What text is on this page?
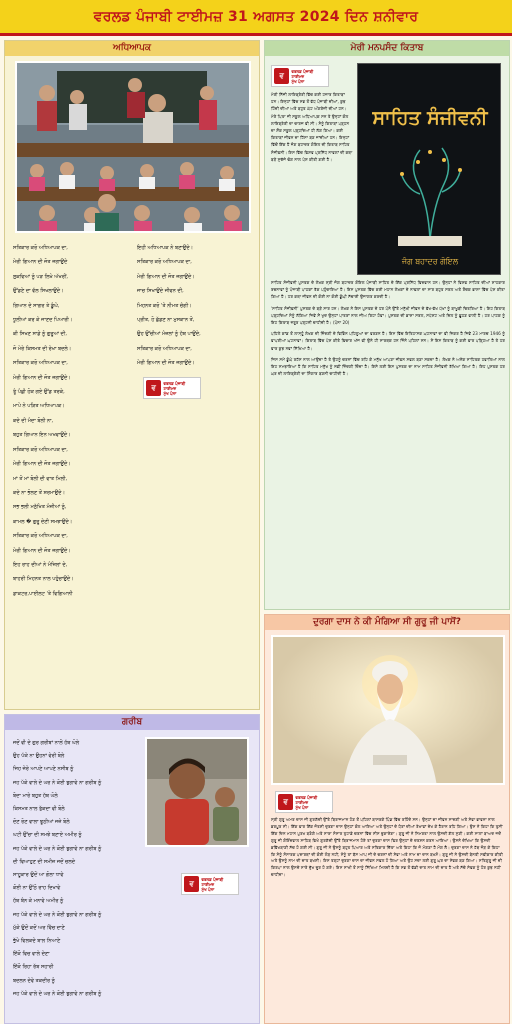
ਵਰਲਡ ਪੰਜਾਬੀ ਟਾਈਮਜ਼ 31 ਅਗਸਤ 2024 ਦਿਨ ਸ਼ਨੀਵਾਰ
ਅਧਿਆਪਕ
ਸਤਿਕਾਰ ਕਰੋ ਅਧਿਆਪਕ ਦਾ,
ਮੇਰੀ ਗਿਆਨ ਦੀ ਜੋਤ ਜਗਾਉਂਦੇ
ਲੁਕਵਿਆਂ ਨੂੰ ਪੜ ਲਿਖੇ ਅੱਖਰੀਂ,
ਉੱਡਣੇ ਦਾ ਵੱਲ ਸਿਖਲਾਉਂਦੇ।
ਗਿਆਨ ਦੇ ਸਾਗਰ ਤੇ ਡੂੰਘੇ,
ਧੂਲੀਆਂ ਕਰ ਕੇ ਜਾਣਦ ਪਿਆਰੀ।
ਕੀ ਸਿਖਣ ਸਾਡੇ ਨੂੰ ਗੁਰੂਆਂ ਦੀ,
ਜੋ ਮੇਰੇ ਕਿਸਮਤ ਦੀ ਰੇਖਾ ਬਦਲੇ।
ਸਤਿਕਾਰ ਕਰੋ ਅਧਿਆਪਕ ਦਾ,
ਮੇਰੀ ਗਿਆਨ ਦੀ ਜੋਤ ਜਗਾਉਂਦੇ।
ਤੂੰ ਪੰਛੀ ਹੋਕ ਗਏ ਉੱਡ ਤਰਕੇ,
ਮਾਪੇ ਨੇ ਪੜਿਤ ਅਧਿਆਪਕ।
ਕਦੇ ਦੀ ਮੰਦਾ ਬੋਲੀ ਨਾ,
ਬਹੁਤ ਗਿਆਨ ਇਨ ਅਖਵਾਉਂਦੇ।
ਸਤਿਕਾਰ ਕਰੋ ਅਧਿਆਪਕ ਦਾ,
ਮੇਰੀ ਗਿਆਨ ਦੀ ਜੋਤ ਜਗਾਉਂਦੇ।
ਮਾਂ ਤੋਂ ਮਾਂ ਬੋਲੀ ਦੀ ਵਾਤ ਮਿਲੀ,
ਕਦੇ ਨਾ ਭੋਲਣ ਤੋਂ ਸ਼ਰਮਾਉਂਦੇ।
ਸਭ ਭਲੀ ਮਨੁੱਖਿਤ ਮੰਜ਼ੀਆਂ ਨੂੰ,
ਕਾਮਲ � ਗੁਰੂ ਦੇਣੀ ਸਮਝਾਉਂਦੇ।
ਸਤਿਕਾਰ ਕਰੋ ਅਧਿਆਪਕ ਦਾ,
ਮੇਰੀ ਗਿਆਨ ਦੀ ਜੋਤ ਜਗਾਉਂਦੇ।
ਇਹ ਰਾਹ ਦੀਆਂ ਨੇ ਮੰਜ਼ਿਲਾਂ ਦੇ,
ਬਾਹਰੀ ਮਿਹਨਤ ਨਾਲ ਪਹੁੰਚਾਉਂਦੇ।
ਡਾਕਟਰ,ਪਾਈਲਟ 'ਤੇ ਵਿਗਿਆਨੀ
ਇਹੀ ਅਧਿਆਪਕ ਨੇ ਬਣਾਉਂਦੇ।
ਸਤਿਕਾਰ ਕਰੋ ਅਧਿਆਪਕ ਦਾ,
ਮੇਰੀ ਗਿਆਨ ਦੀ ਜੋਤ ਜਗਾਉਂਦੇ।
ਜਾਚ ਸਿਖਾਉਂਦੇ ਜੀਵਨ ਦੀ,
ਮਿਹਨਤ ਕਰੋ 'ਤੇ ਨੀਮਤ ਚੰਗੀ।
ਪ੍ਰੀਤ, ਹੋ ਛੱਡਣ ਨਾ ਮੁਸਕਾਨ ਤੋਂ,
ਉਹ ਉੱਚੀਆਂ ਮੰਜ਼ਲਾਂ ਨੂੰ ਹੱਥ ਪਾਉਂਦੇ,
ਸਤਿਕਾਰ ਕਰੋ ਅਧਿਆਪਕ ਦਾ,
ਮੇਰੀ ਗਿਆਨ ਦੀ ਜੋਤ ਜਗਾਉਂਦੇ।
ਵ
ਵਰਲਡ ਪੰਜਾਬੀ ਟਾਈਮਜ਼
ਮੁੱਖ ਪੰਨਾ
ਗਰੀਬ
ਜਦੋਂ ਵੀ ਦੇ ਗੁਰ ਗਰੀਬਾਂ ਨਾਲੋਂ ਹੱਥ ਘੋਲੇ
ਉਹ ਪੱਕੇ ਨਾ ਉਹਨਾਂ ਵੇਰੀ ਬੋਲੇ
ਜਿਹ ਜੇਰੇ ਆਪਣੇ ਆਪਣੇ ਨਸੀਬ ਨੂੰ
ਜਹ ਪੱਕੇ ਵਾਲੇ ਦੇ ਘਰ ਨੇ ਕੋਈ ਝੁਗਾਵੇ ਨਾ ਗਰੀਬ ਨੂੰ
ਬੋਦਾ ਮਾਰੇ ਬਹੁਤ ਹੱਥ ਘੋਲੇ
ਕਿਸਮਤ ਨਾਲ ਤੁੱਕਦਾ ਵੀ ਬੋਲੇ
ਦੋਣ ਰੋਣ ਵਾਲਾ ਝੂਠੀਆਂ ਜਜ਼ੇ ਬੋਲੇ
ਘਟੀ ਉੱਚਾ ਦੀ ਸਮਝੇ ਬਣਾਏ ਅਮੀਰ ਨੂੰ
ਜਹ ਪੱਕੇ ਵਾਲੇ ਦੇ ਘਰ ਨੇ ਕੋਈ ਝੁਗਾਵੇ ਨਾ ਗਰੀਬ ਨੂੰ
ਦੀ ਵਿਆਹੁਣ ਦੀ ਸਮੀਜ਼ ਜਦੋਂ ਚਲਦੇ
ਸਾਹੂਕਾਰ ਉਦੋਂ ਆ ਗੋਲਾ ਧਾਵੇ
ਕੋਈ ਨਾ ਉੱਠੋ ਰਾਹ ਦਿਖਾਵੇ
ਹੱਥ ਬੰਨ ਕੇ ਮਨਾਵੇ ਅਮੀਰ ਨੂੰ
ਜਹ ਪੱਕੇ ਵਾਲੇ ਦੇ ਘਰ ਨੇ ਕੋਈ ਝੁਗਾਵੇ ਨਾ ਗਰੀਬ ਨੂੰ
ਮੁੱਕੇ ਉਦੋਂ ਕਦੋਂ ਅਰ ਵਿੱਚ ਦਾਣੇ
ਭੁੱਖੇ ਵਿਲਕਦੇ ਬਾਲ ਨਿਆਣੇ
ਇੱਕੋ ਵਿਚ ਵਾਲੇ ਦੇਣਾ
ਇੱਕੋ ਰਿਹਾ ਰੱਬ ਸਹਾਰੀ
ਬਦਲਨ ਦੇਵੇ ਤਕਦੀਰ ਨੂੰ
ਜਹ ਪੱਕੇ ਵਾਲੇ ਦੇ ਘਰ ਨੇ ਕੋਈ ਝੁਗਾਵੇ ਨਾ ਗਰੀਬ ਨੂੰ
ਵ
ਵਰਲਡ ਪੰਜਾਬੀ ਟਾਈਮਜ਼
ਮੁੱਖ ਪੰਨਾ
ਮੇਰੀ ਮਨਪਸੰਦ ਕਿਤਾਬ
ਵ
ਵਰਲਡ ਪੰਜਾਬੀ ਟਾਈਮਜ਼
ਮੁੱਖ ਪੰਨਾ
ਮੇਰੀ ਨਿੱਜੀ ਲਾਇਬ੍ਰੇਰੀ ਵਿੱਚ ਕਈ ਹਜ਼ਾਰ ਕਿਤਾਬਾਂ ਹਨ। ਇਨ੍ਹਾਂ ਵਿੱਚ ਸਭ ਤੋਂ ਵੱਧ ਪੰਜਾਬੀ ਦੀਆਂ, ਕੁਝ ਹਿੰਦੀ ਦੀਆਂ ਅਤੇ ਬਹੁਤ ਘੱਟ ਅੰਗਰੇਜ਼ੀ ਦੀਆਂ ਹਨ। ਮੇਰੇ ਪਿਤਾ ਜੀ ਸਕੂਲ ਅਧਿਆਪਕ ਸਨ ਤੇ ਉਨ੍ਹਾਂ ਕੋਲ ਲਾਇਬ੍ਰੇਰੀ ਦਾ ਚਾਰਜ ਵੀ ਸੀ। ਮੈਨੂੰ ਕਿਤਾਬਾਂ ਪੜ੍ਹਨ ਦਾ ਸ਼ੌਕ ਸਕੂਲ ਪੜ੍ਹਦਿਆਂ ਹੀ ਲੱਗ ਗਿਆ। ਕਈ ਕਿਤਾਬਾਂ ਜੀਵਨ ਦਾ ਹਿੱਸਾ ਬਣ ਜਾਂਦੀਆਂ ਹਨ। ਇਨ੍ਹਾਂ ਵਿੱਚੋਂ ਇੱਕ ਹੈ ਜੰਗ ਬਹਾਦਰ ਗੋਇਲ ਦੀ ਕਿਤਾਬ ਸਾਹਿਤ ਸੰਜੀਵਨੀ। ਇਸ ਵਿੱਚ ਵਿਸ਼ਵ ਪ੍ਰਸਿੱਧ ਨਾਵਲਾਂ ਦੀ ਕਥਾ ਬੜੇ ਸੁਚੱਜੇ ਢੰਗ ਨਾਲ ਪੇਸ਼ ਕੀਤੀ ਗਈ ਹੈ।
ਸਾਹਿਤ ਸੰਜੀਵਨੀ
ਜੰਗ ਬਹਾਦਰ ਗੋਇਲ
ਸਾਹਿਤ ਸੰਜੀਵਨੀ ਪੁਸਤਕ ਦੇ ਲੇਖਕ ਸ਼੍ਰੀ ਜੰਗ ਬਹਾਦਰ ਗੋਇਲ ਪੰਜਾਬੀ ਸਾਹਿਤ ਦੇ ਇੱਕ ਪ੍ਰਸਿੱਧ ਵਿਦਵਾਨ ਹਨ। ਉਨ੍ਹਾਂ ਨੇ ਵਿਸ਼ਵ ਸਾਹਿਤ ਦੀਆਂ ਸ਼ਾਹਕਾਰ ਰਚਨਾਵਾਂ ਨੂੰ ਪੰਜਾਬੀ ਪਾਠਕਾਂ ਤੱਕ ਪਹੁੰਚਾਇਆ ਹੈ। ਇਸ ਪੁਸਤਕ ਵਿੱਚ ਕਈ ਮਹਾਨ ਲੇਖਕਾਂ ਦੇ ਨਾਵਲਾਂ ਦਾ ਸਾਰ ਬਹੁਤ ਸਰਲ ਅਤੇ ਰੌਚਕ ਭਾਸ਼ਾ ਵਿੱਚ ਪੇਸ਼ ਕੀਤਾ ਗਿਆ ਹੈ। ਹਰ ਕਥਾ ਜੀਵਨ ਦੀ ਕੋਈ ਨਾ ਕੋਈ ਡੂੰਘੀ ਸੱਚਾਈ ਉਜਾਗਰ ਕਰਦੀ ਹੈ।
'ਸਾਹਿਤ ਸੰਜੀਵਨੀ' ਪੁਸਤਕ ਦੇ ਬੜੇ ਸਾਰ ਹਨ। ਲੇਖਕ ਨੇ ਇਸ ਪੁਸਤਕ ਦੇ ਹਰ ਪੰਨੇ ਉੱਤੇ ਮਨੁੱਖੀ ਜੀਵਨ ਦੇ ਵੱਖ-ਵੱਖ ਪੱਖਾਂ ਨੂੰ ਬਾਖੂਬੀ ਚਿਤਰਿਆ ਹੈ। ਇਹ ਕਿਤਾਬ ਪੜ੍ਹਦਿਆਂ ਮੈਨੂੰ ਲੱਗਿਆ ਜਿਵੇਂ ਮੈਂ ਖੁਦ ਉਨ੍ਹਾਂ ਪਾਤਰਾਂ ਨਾਲ ਜੀਅ ਰਿਹਾ ਹੋਵਾਂ। ਪੁਸਤਕ ਦੀ ਭਾਸ਼ਾ ਸਰਲ, ਸਪੱਸ਼ਟ ਅਤੇ ਦਿਲ ਨੂੰ ਛੂਹਣ ਵਾਲੀ ਹੈ। ਹਰ ਪਾਠਕ ਨੂੰ ਇਹ ਕਿਤਾਬ ਜ਼ਰੂਰ ਪੜ੍ਹਨੀ ਚਾਹੀਦੀ ਹੈ। (ਪੰਨਾ 20)
ਪਹਿਲੇ ਕਾਂਡ ਤੋਂ ਲਾਸ੍ਹੂੰ ਲੇਖਕ ਦੀ ਜ਼ਿੰਦਗੀ ਦੇ ਵਿਭਿੰਨ ਪਹਿਲੂਆਂ ਦਾ ਵਰਣਨ ਹੈ। ਇਸ ਵਿੱਚ ਇਤਿਹਾਸਕ ਘਟਨਾਵਾਂ ਦਾ ਵੀ ਜ਼ਿਕਰ ਹੈ ਜਿਵੇਂ 23 ਮਾਰਚ 1946 ਨੂੰ ਵਾਪਰੀਆਂ ਘਟਨਾਵਾਂ। ਕਿਤਾਬ ਵਿੱਚ ਪੇਸ਼ ਕੀਤੇ ਵਿਚਾਰ ਅੱਜ ਵੀ ਉਨੇ ਹੀ ਸਾਰਥਕ ਹਨ ਜਿੰਨੇ ਪਹਿਲਾਂ ਸਨ। ਮੈਂ ਇਸ ਕਿਤਾਬ ਨੂੰ ਕਈ ਵਾਰ ਪੜ੍ਹਿਆ ਹੈ ਤੇ ਹਰ ਵਾਰ ਕੁਝ ਨਵਾਂ ਸਿੱਖਿਆ ਹੈ।
ਜਿਸ ਸਮੇਂ ਡੂੰਘੇ ਰਹੱਸ ਨਾਲ ਆਉਂਦਾ ਹੈ ਤੇ ਉਹਨੂੰ ਚਰਨਾਂ ਵਿੱਚ ਰਹਿ ਕੇ ਮਨੁੱਖ ਆਪਣਾ ਜੀਵਨ ਸਫਲ ਬਣਾ ਸਕਦਾ ਹੈ। ਲੇਖਕ ਨੇ ਅਨੇਕ ਸਾਹਿਤਕ ਹਵਾਲਿਆਂ ਨਾਲ ਇਹ ਸਮਝਾਇਆ ਹੈ ਕਿ ਸਾਹਿਤ ਮਨੁੱਖ ਨੂੰ ਨਵੀਂ ਜ਼ਿੰਦਗੀ ਦਿੰਦਾ ਹੈ। ਇਸੇ ਲਈ ਇਸ ਪੁਸਤਕ ਦਾ ਨਾਮ ਸਾਹਿਤ ਸੰਜੀਵਨੀ ਰੱਖਿਆ ਗਿਆ ਹੈ। ਇਹ ਪੁਸਤਕ ਹਰ ਘਰ ਦੀ ਲਾਇਬ੍ਰੇਰੀ ਦਾ ਸ਼ਿੰਗਾਰ ਬਣਨੀ ਚਾਹੀਦੀ ਹੈ।
ਦੁਰਗਾ ਦਾਸ ਨੇ ਕੀ ਮੰਗਿਆ ਸੀ ਗੁਰੂ ਜੀ ਪਾਸੋਂ?
ਵ
ਵਰਲਡ ਪੰਜਾਬੀ ਟਾਈਮਜ਼
ਮੁੱਖ ਪੰਨਾ
ਸ੍ਰੀ ਗੁਰੂ ਅਮਰ ਦਾਸ ਜੀ ਗੁਰਗੱਦੀ ਉੱਤੇ ਬਿਰਾਜਮਾਨ ਹੋਣ ਤੋਂ ਪਹਿਲਾਂ ਬਾਸਰਕੇ ਪਿੰਡ ਵਿੱਚ ਰਹਿੰਦੇ ਸਨ। ਉਨ੍ਹਾਂ ਦਾ ਜੀਵਨ ਸਾਦਗੀ ਅਤੇ ਸੇਵਾ ਭਾਵਨਾ ਨਾਲ ਭਰਪੂਰ ਸੀ। ਇੱਕ ਵਾਰ ਇੱਕ ਜੋਤਸ਼ੀ ਦੁਰਗਾ ਦਾਸ ਉਨ੍ਹਾਂ ਕੋਲ ਆਇਆ ਅਤੇ ਉਨ੍ਹਾਂ ਦੇ ਪੈਰਾਂ ਦੀਆਂ ਰੇਖਾਵਾਂ ਦੇਖ ਕੇ ਹੈਰਾਨ ਰਹਿ ਗਿਆ। ਉਸ ਨੇ ਕਿਹਾ ਕਿ ਤੁਸੀਂ ਇੱਕ ਦਿਨ ਮਹਾਨ ਪੁਰਖ ਬਣੋਗੇ ਅਤੇ ਸਾਰਾ ਸੰਸਾਰ ਤੁਹਾਡੇ ਚਰਨਾਂ ਵਿੱਚ ਸੀਸ ਝੁਕਾਏਗਾ। ਗੁਰੂ ਜੀ ਨੇ ਨਿਮਰਤਾ ਨਾਲ ਉਸਦੀ ਗੱਲ ਸੁਣੀ। ਕਈ ਸਾਲਾਂ ਬਾਅਦ ਜਦੋਂ ਗੁਰੂ ਜੀ ਗੋਇੰਦਵਾਲ ਸਾਹਿਬ ਵਿਖੇ ਗੁਰਗੱਦੀ ਉੱਤੇ ਬਿਰਾਜਮਾਨ ਹੋਏ ਤਾਂ ਦੁਰਗਾ ਦਾਸ ਫਿਰ ਉਨ੍ਹਾਂ ਦੇ ਦਰਸ਼ਨ ਕਰਨ ਆਇਆ। ਉਸਨੇ ਦੇਖਿਆ ਕਿ ਉਸਦੀ ਭਵਿੱਖਬਾਣੀ ਸੱਚ ਹੋ ਗਈ ਸੀ। ਗੁਰੂ ਜੀ ਨੇ ਉਸਨੂੰ ਬਹੁਤ ਪਿਆਰ ਅਤੇ ਸਤਿਕਾਰ ਦਿੱਤਾ ਅਤੇ ਕਿਹਾ ਕਿ ਜੋ ਮੰਗਣਾ ਹੈ ਮੰਗ ਲੈ। ਦੁਰਗਾ ਦਾਸ ਨੇ ਹੱਥ ਜੋੜ ਕੇ ਕਿਹਾ ਕਿ ਮੈਨੂੰ ਸੰਸਾਰਕ ਪਦਾਰਥਾਂ ਦੀ ਕੋਈ ਲੋੜ ਨਹੀਂ, ਮੈਨੂੰ ਤਾਂ ਬੱਸ ਆਪ ਜੀ ਦੇ ਚਰਨਾਂ ਦੀ ਸੇਵਾ ਅਤੇ ਨਾਮ ਦਾ ਦਾਨ ਬਖਸ਼ੋ। ਗੁਰੂ ਜੀ ਨੇ ਉਸਦੀ ਬੇਨਤੀ ਸਵੀਕਾਰ ਕੀਤੀ ਅਤੇ ਉਸਨੂੰ ਨਾਮ ਦੀ ਦਾਤ ਬਖਸ਼ੀ। ਇਸ ਤਰ੍ਹਾਂ ਦੁਰਗਾ ਦਾਸ ਦਾ ਜੀਵਨ ਸਫਲ ਹੋ ਗਿਆ ਅਤੇ ਉਹ ਸਦਾ ਲਈ ਗੁਰੂ ਘਰ ਦਾ ਸੇਵਕ ਬਣ ਗਿਆ। ਸਤਿਗੁਰੂ ਜੀ ਦੀ ਕਿਰਪਾ ਨਾਲ ਉਸਦੇ ਸਾਰੇ ਦੁੱਖ ਦੂਰ ਹੋ ਗਏ। ਇਸ ਸਾਖੀ ਤੋਂ ਸਾਨੂੰ ਸਿੱਖਿਆ ਮਿਲਦੀ ਹੈ ਕਿ ਸਭ ਤੋਂ ਵੱਡੀ ਦਾਤ ਨਾਮ ਦੀ ਦਾਤ ਹੈ ਅਤੇ ਸੱਚੇ ਸੇਵਕ ਨੂੰ ਹੋਰ ਕੁਝ ਨਹੀਂ ਚਾਹੀਦਾ।
